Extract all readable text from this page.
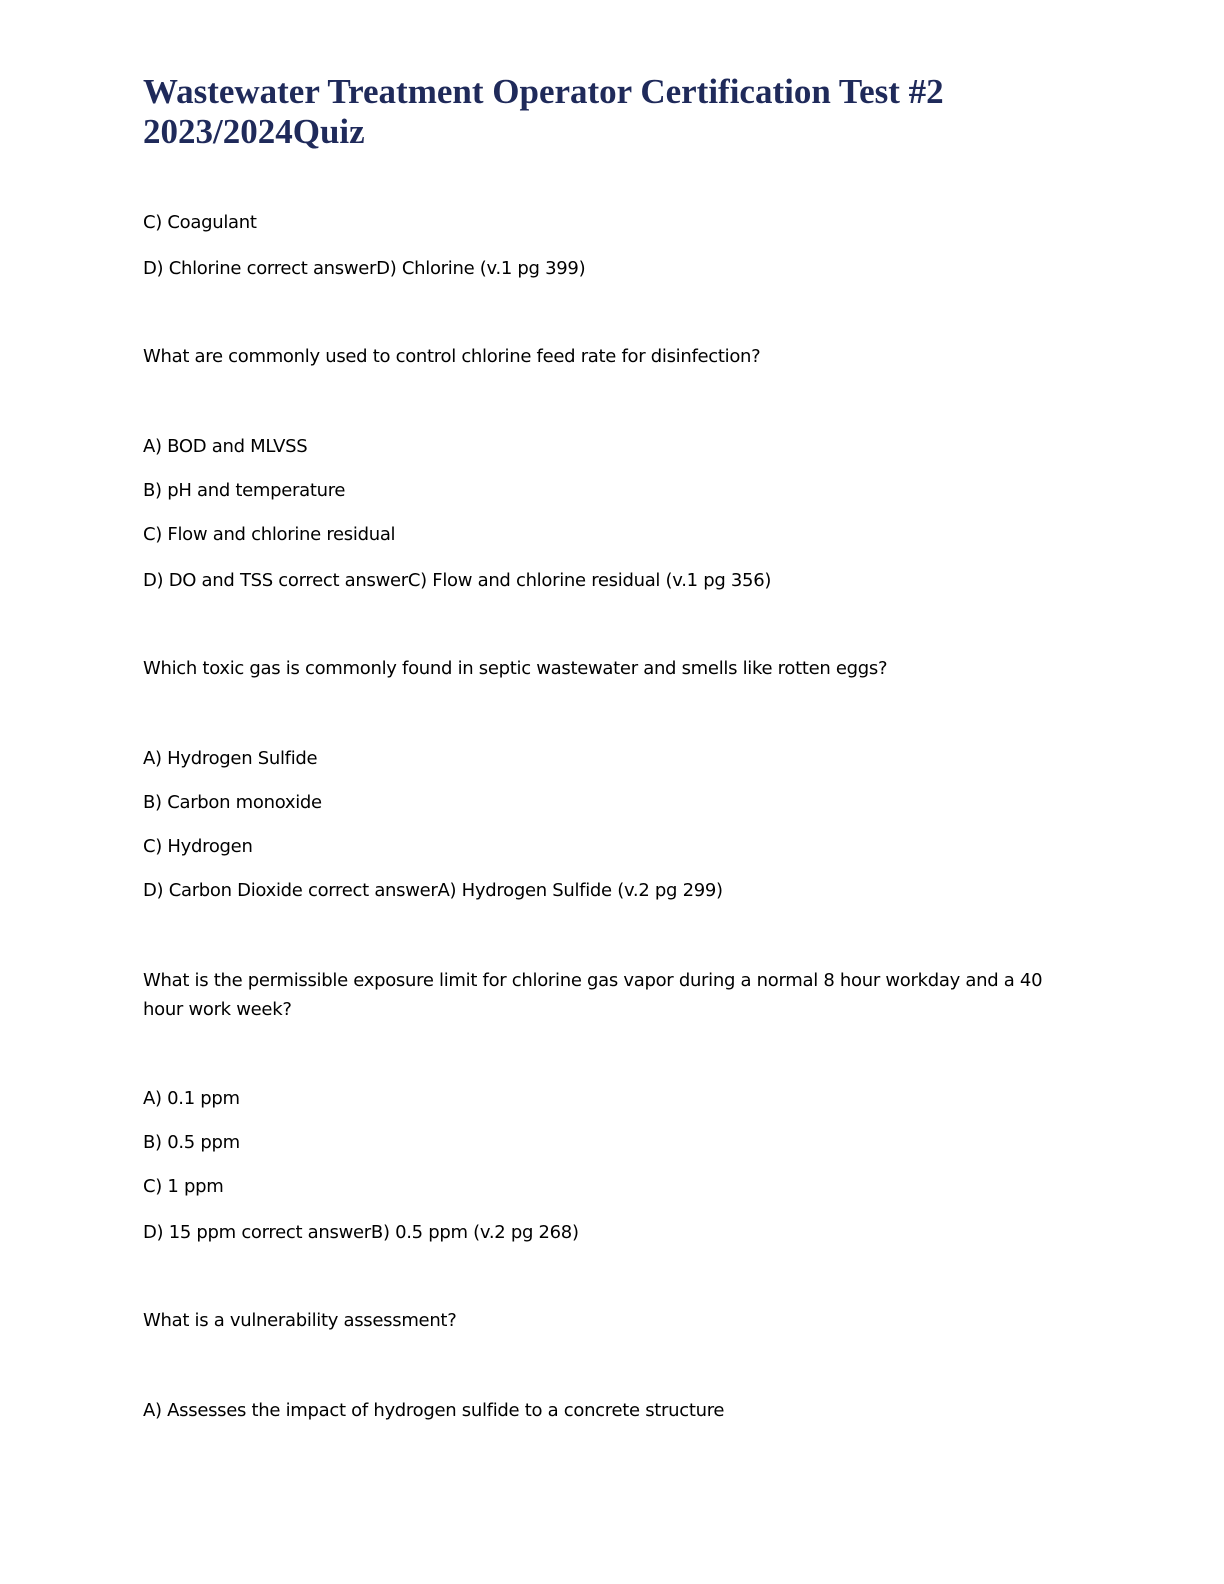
Wastewater Treatment Operator Certification Test #2
2023/2024Quiz

C) Coagulant

D) Chlorine correct answerD) Chlorine (v.1 pg 399)

What are commonly used to control chlorine feed rate for disinfection?

A) BOD and MLVSS

B) pH and temperature

C) Flow and chlorine residual

D) DO and TSS correct answerC) Flow and chlorine residual (v.1 pg 356)

Which toxic gas is commonly found in septic wastewater and smells like rotten eggs?

A) Hydrogen Sulfide

B) Carbon monoxide

C) Hydrogen

D) Carbon Dioxide correct answerA) Hydrogen Sulfide (v.2 pg 299)

What is the permissible exposure limit for chlorine gas vapor during a normal 8 hour workday and a 40 hour work week?

A) 0.1 ppm

B) 0.5 ppm

C) 1 ppm

D) 15 ppm correct answerB) 0.5 ppm (v.2 pg 268)

What is a vulnerability assessment?

A) Assesses the impact of hydrogen sulfide to a concrete structure
